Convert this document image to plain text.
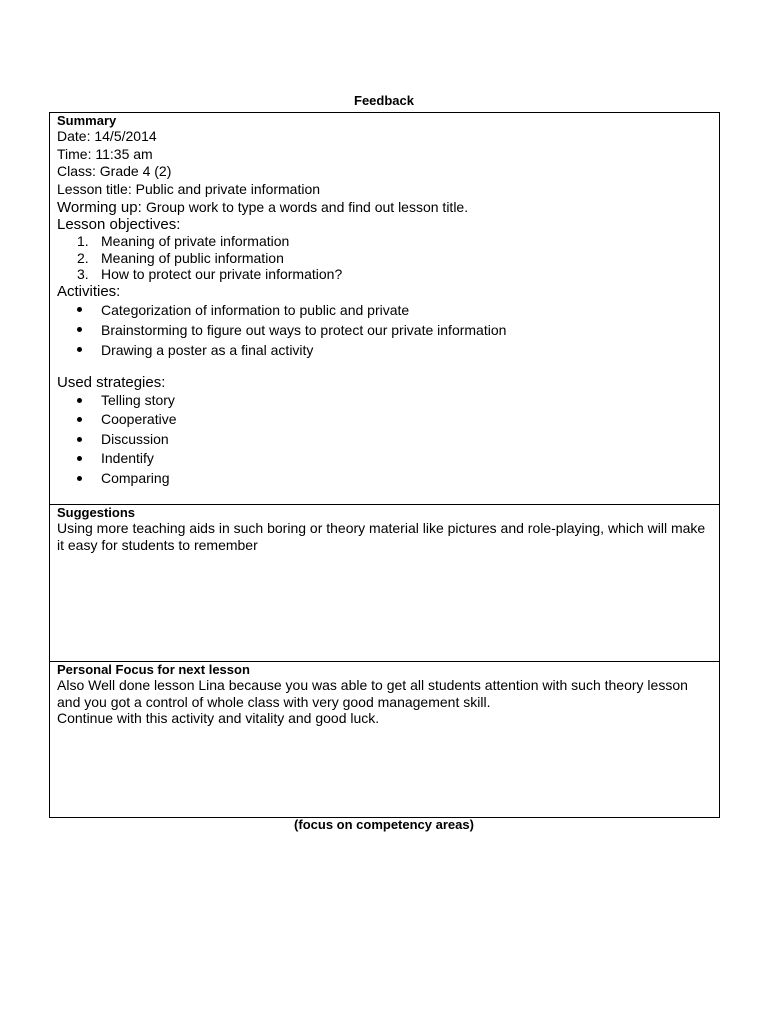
Feedback
Summary
Date: 14/5/2014
Time: 11:35 am
Class: Grade 4 (2)
Lesson title: Public and private information
Worming up: Group work to type a words and find out lesson title.
Lesson objectives:
1. Meaning of private information
2. Meaning of public information
3. How to protect our private information?
Activities:
Categorization of information to public and private
Brainstorming to figure out ways to protect our private information
Drawing a poster as a final activity
Used strategies:
Telling story
Cooperative
Discussion
Indentify
Comparing
Suggestions
Using more teaching aids in such boring or theory material like pictures and role-playing, which will make it easy for students to remember
Personal Focus for next lesson
Also Well done lesson Lina because you was able to get all students attention with such theory lesson and you got a control of whole class with very good management skill.
Continue with this activity and vitality and good luck.
(focus on competency areas)
